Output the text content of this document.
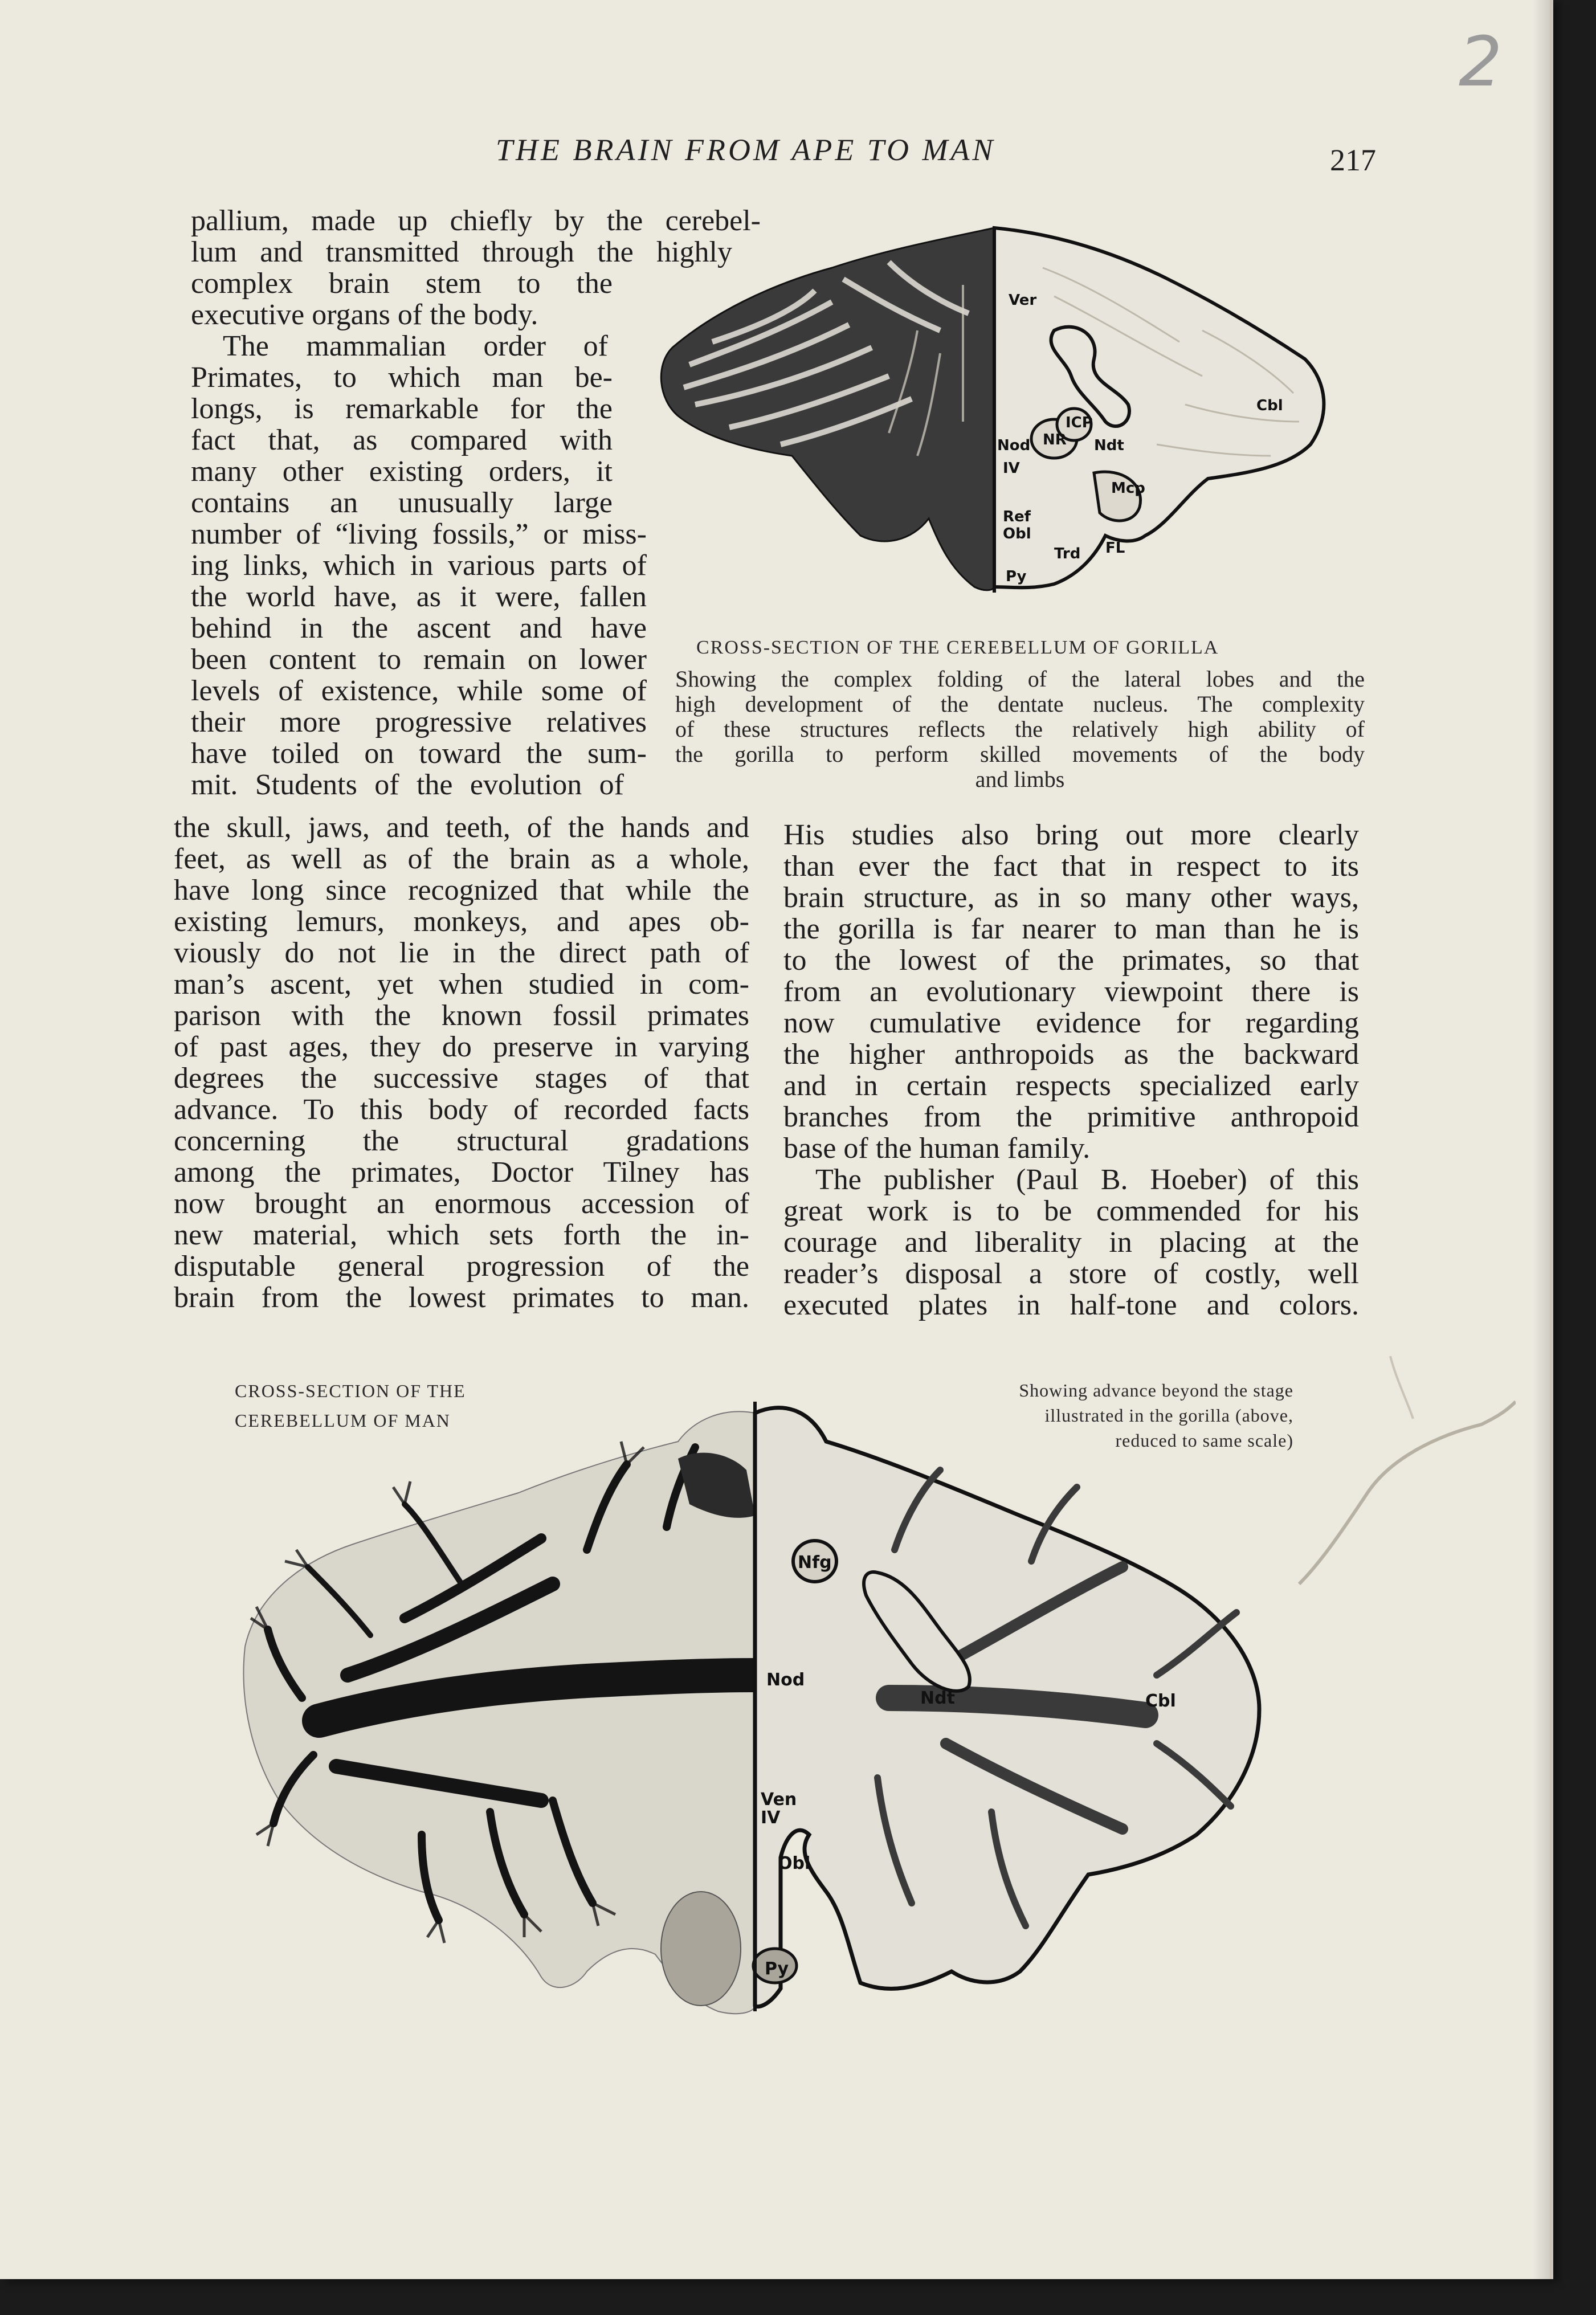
2
THE BRAIN FROM APE TO MAN	217
pallium, made up chiefly by the cerebel-
lum and transmitted through the highly
complex brain stem to the
executive organs of the body.
The mammalian order of
Primates, to which man be-
longs, is remarkable for the
fact that, as compared with
many other existing orders, it
contains an unusually large
number of “living fossils,” or miss-
ing links, which in various parts of
the world have, as it were, fallen
behind in the ascent and have
been content to remain on lower
levels of existence, while some of
their more progressive relatives
have toiled on toward the sum-
mit. Students of the evolution of
the skull, jaws, and teeth, of the hands and
feet, as well as of the brain as a whole,
have long since recognized that while the
existing lemurs, monkeys, and apes ob-
viously do not lie in the direct path of
man’s ascent, yet when studied in com-
parison with the known fossil primates
of past ages, they do preserve in varying
degrees the successive stages of that
advance. To this body of recorded facts
concerning the structural gradations
among the primates, Doctor Tilney has
now brought an enormous accession of
new material, which sets forth the in-
disputable general progression of the
brain from the lowest primates to man.
His studies also bring out more clearly
than ever the fact that in respect to its
brain structure, as in so many other ways,
the gorilla is far nearer to man than he is
to the lowest of the primates, so that
from an evolutionary viewpoint there is
now cumulative evidence for regarding
the higher anthropoids as the backward
and in certain respects specialized early
branches from the primitive anthropoid
base of the human family.
The publisher (Paul B. Hoeber) of this
great work is to be commended for his
courage and liberality in placing at the
reader’s disposal a store of costly, well
executed plates in half-tone and colors.
Ver
Cbl
Ndt
Nod
IV
Mcp
ICP
NR
Ref
Obl
Trd FL
Py
CROSS-SECTION OF THE CEREBELLUM OF GORILLA
Showing the complex folding of the lateral lobes and the
high development of the dentate nucleus. The complexity
of these structures reflects the relatively high ability of
the gorilla to perform skilled movements of the body
and limbs
CROSS-SECTION OF THE
CEREBELLUM OF MAN
Showing advance beyond the stage
illustrated in the gorilla (above,
reduced to same scale)
Nfg
Nod
Ndt	Cbl
Ven
IV
Obl
Py
